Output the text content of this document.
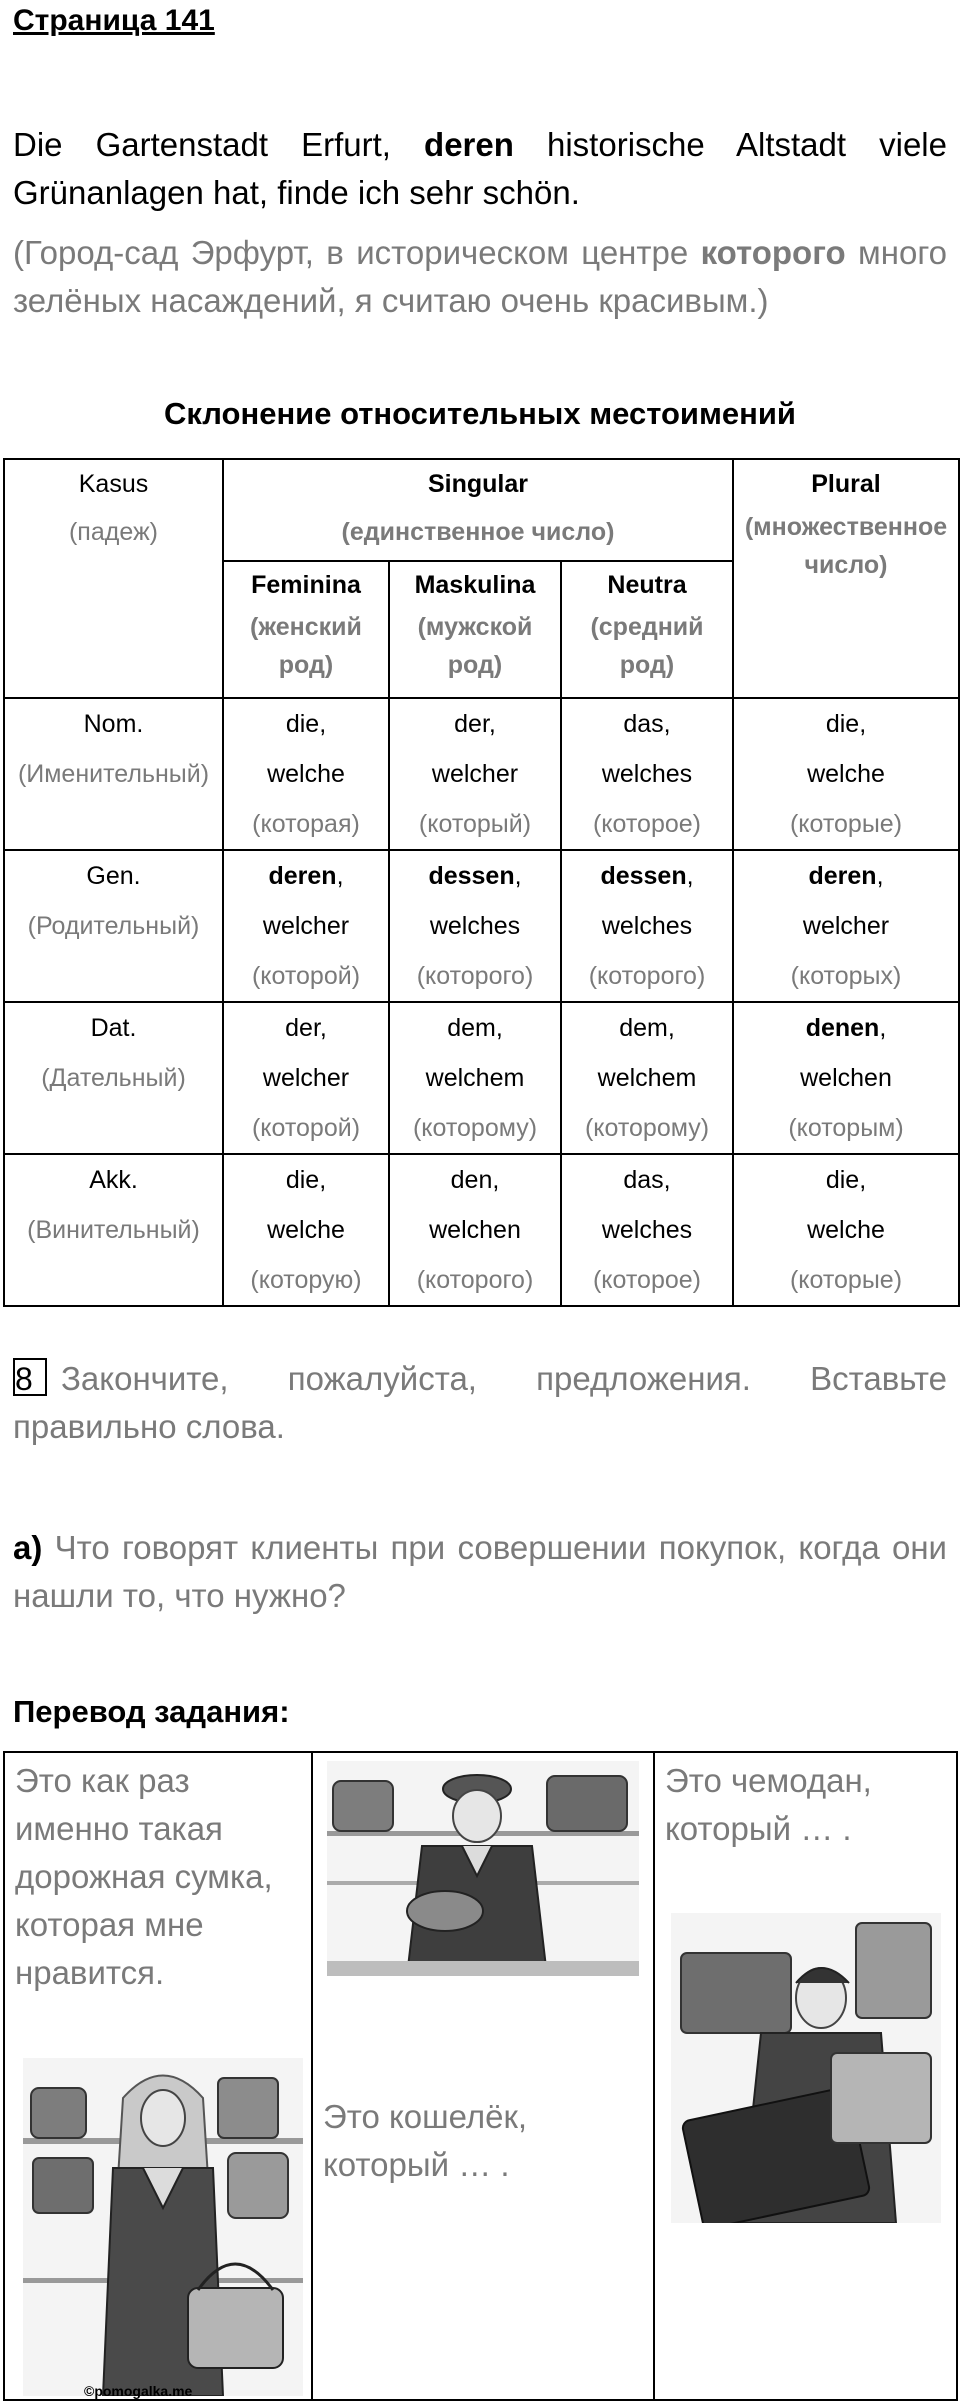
Страница 141
Die Gartenstadt Erfurt, deren historische Altstadt viele
Grünanlagen hat, finde ich sehr schön.
(Город-сад Эрфурт, в историческом центре которого много
зелёных насаждений, я считаю очень красивым.)
Склонение относительных местоимений
Kasus
(падеж)	Singular
(единственное число)			Plural
(множественное число)

	Feminina
(женский род)	Maskulina
(мужской род)	Neutra
(средний род)	

Nom.
(Именительный)	die,
welche
(которая)	der,
welcher
(который)	das,
welches
(которое)	die,
welche
(которые)

Gen.
(Родительный)	deren,
welcher
(которой)	dessen,
welches
(которого)	dessen,
welches
(которого)	deren,
welcher
(которых)

Dat.
(Дательный)	der,
welcher
(которой)	dem,
welchem
(которому)	dem,
welchem
(которому)	denen,
welchen
(которым)

Akk.
(Винительный)	die,
welche
(которую)	den,
welchen
(которого)	das,
welches
(которое)	die,
welche
(которые)
8 Закончите, пожалуйста, предложения. Вставьте
правильно слова.
а) Что говорят клиенты при совершении покупок, когда они
нашли то, что нужно?
Перевод задания:
Это как раз
именно такая
дорожная сумка,
которая мне
нравится.
Это кошелёк,
который … .
Это чемодан,
который … .
©pomogalka.me
